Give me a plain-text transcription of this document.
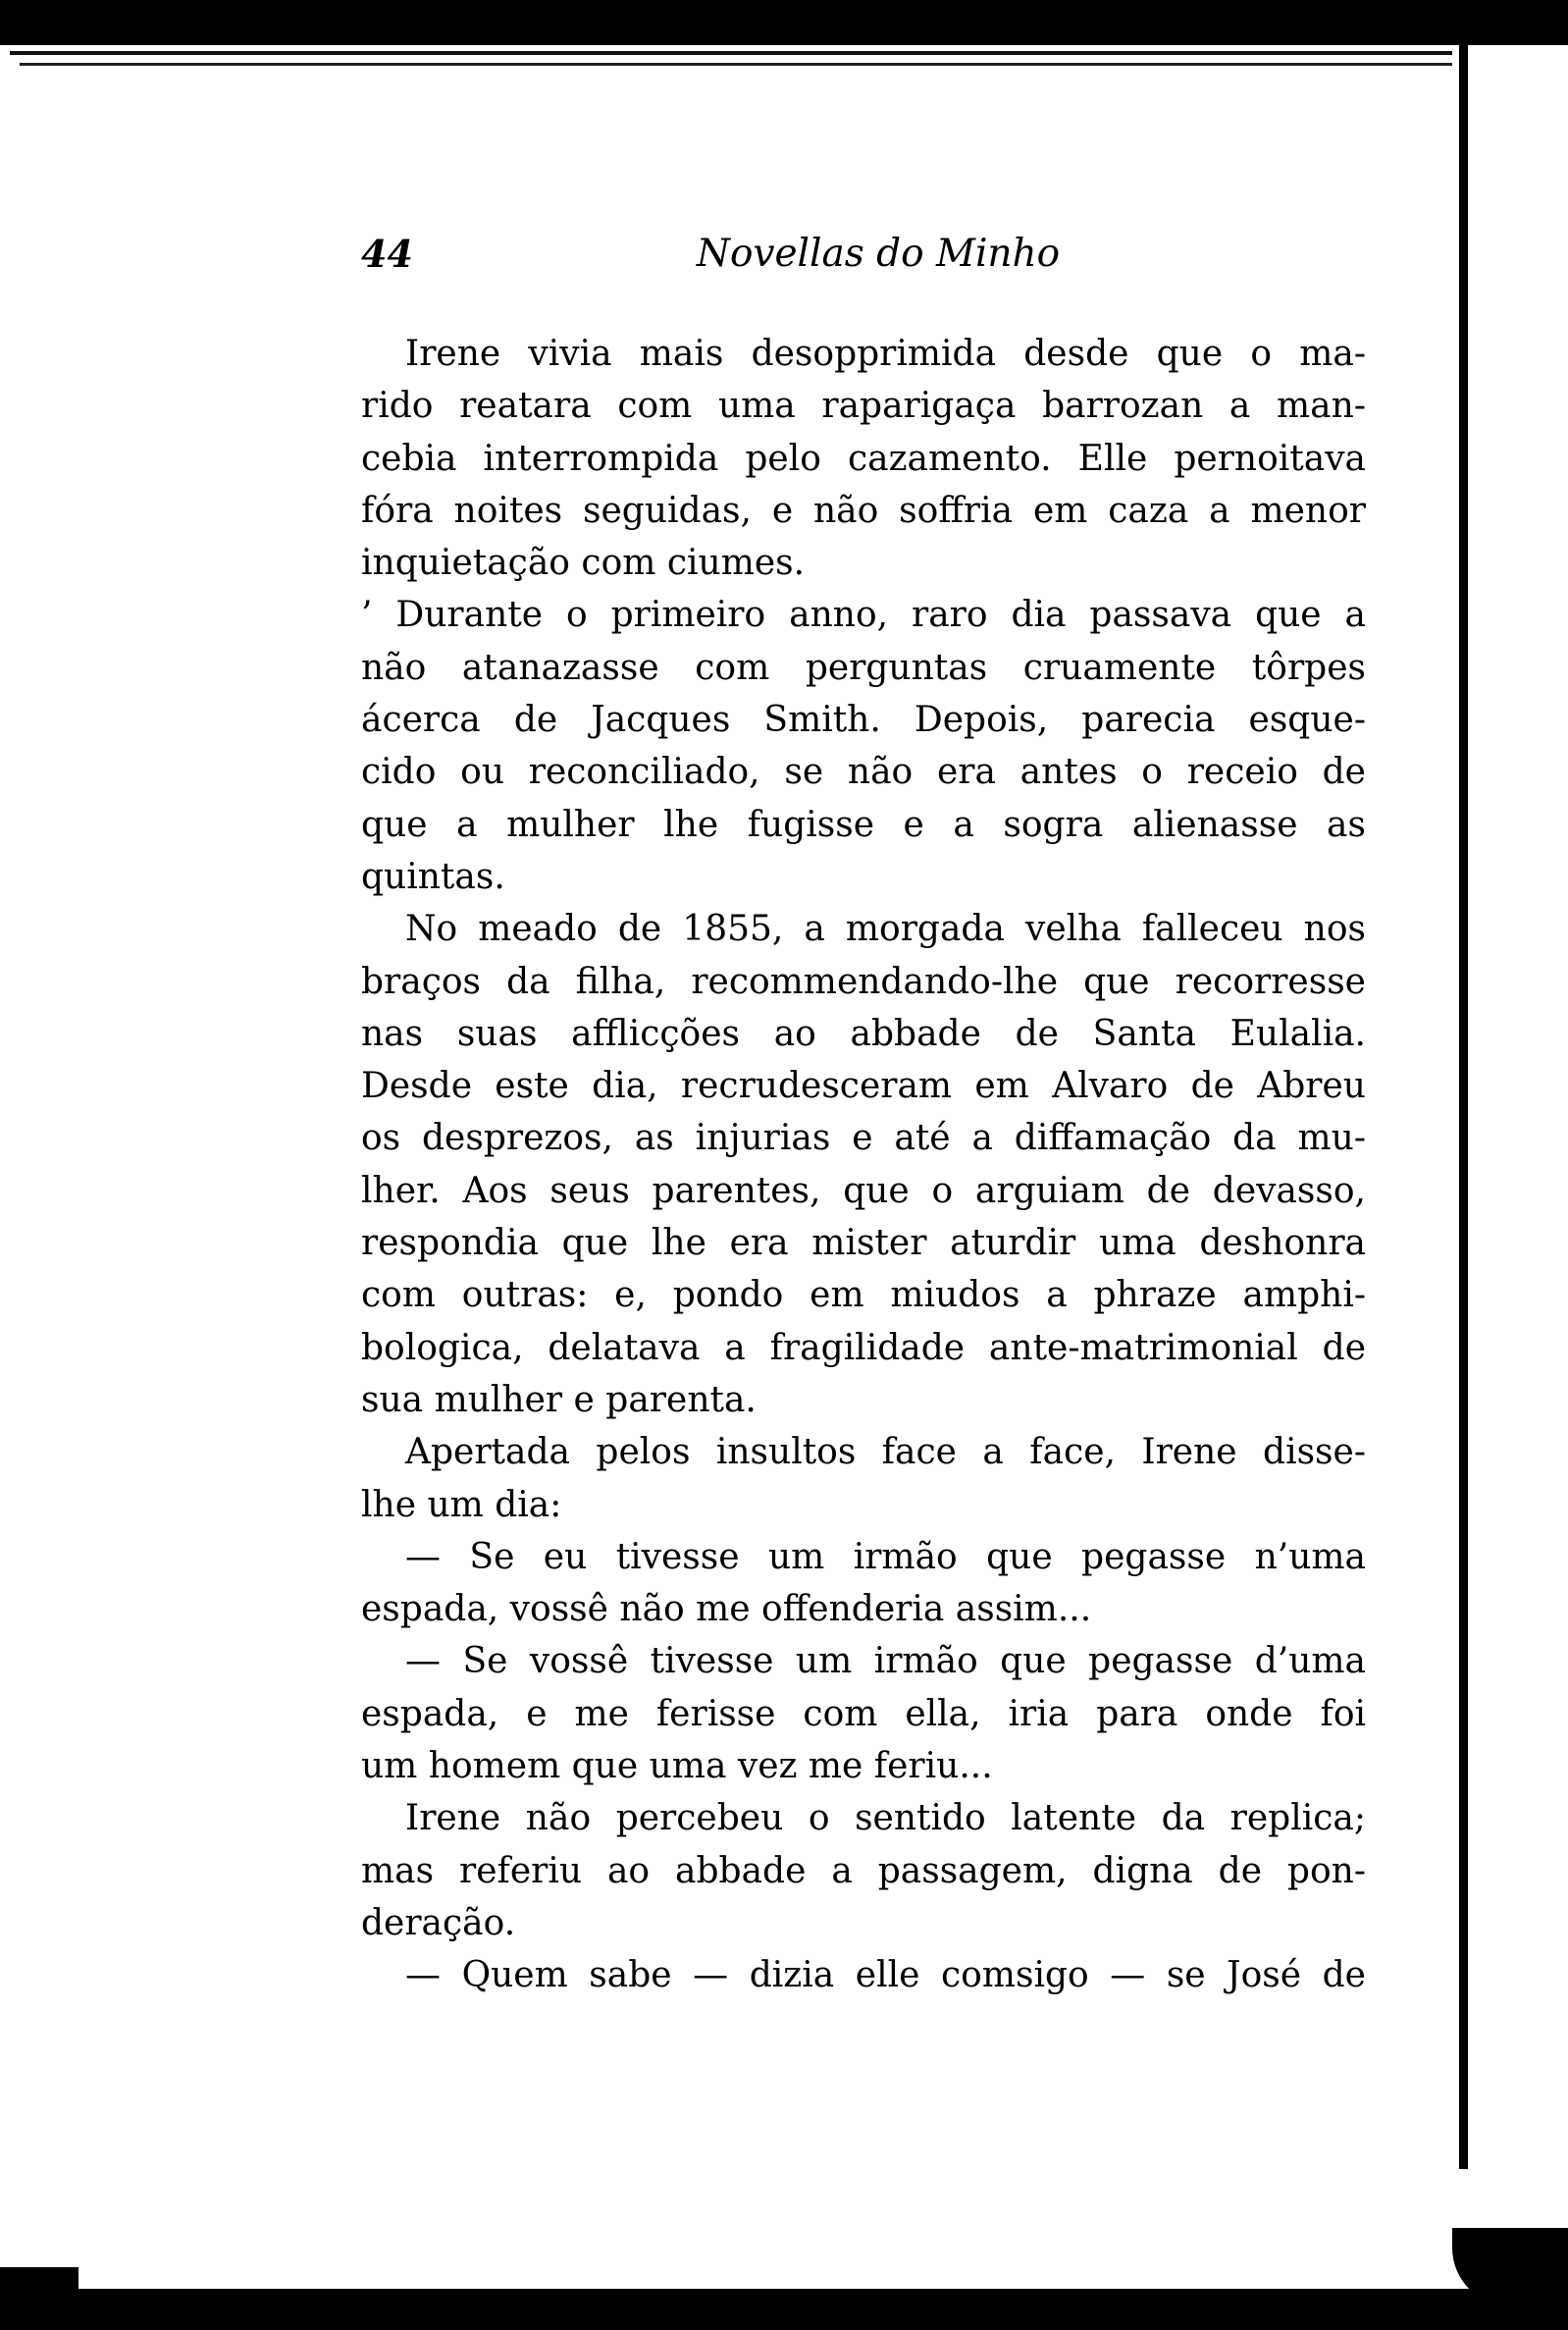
44	Novellas do Minho
Irene vivia mais desopprimida desde que o ma-
rido reatara com uma raparigaça barrozan a man-
cebia interrompida pelo cazamento. Elle pernoitava
fóra noites seguidas, e não soffria em caza a menor
inquietação com ciumes.
’ Durante o primeiro anno, raro dia passava que a
não atanazasse com perguntas cruamente tôrpes
ácerca de Jacques Smith. Depois, parecia esque-
cido ou reconciliado, se não era antes o receio de
que a mulher lhe fugisse e a sogra alienasse as
quintas.
No meado de 1855, a morgada velha falleceu nos
braços da filha, recommendando-lhe que recorresse
nas suas afflicções ao abbade de Santa Eulalia.
Desde este dia, recrudesceram em Alvaro de Abreu
os desprezos, as injurias e até a diffamação da mu-
lher. Aos seus parentes, que o arguiam de devasso,
respondia que lhe era mister aturdir uma deshonra
com outras: e, pondo em miudos a phraze amphi-
bologica, delatava a fragilidade ante-matrimonial de
sua mulher e parenta.
Apertada pelos insultos face a face, Irene disse-
lhe um dia:
— Se eu tivesse um irmão que pegasse n’uma
espada, vossê não me offenderia assim...
— Se vossê tivesse um irmão que pegasse d’uma
espada, e me ferisse com ella, iria para onde foi
um homem que uma vez me feriu...
Irene não percebeu o sentido latente da replica;
mas referiu ao abbade a passagem, digna de pon-
deração.
— Quem sabe — dizia elle comsigo — se José de
